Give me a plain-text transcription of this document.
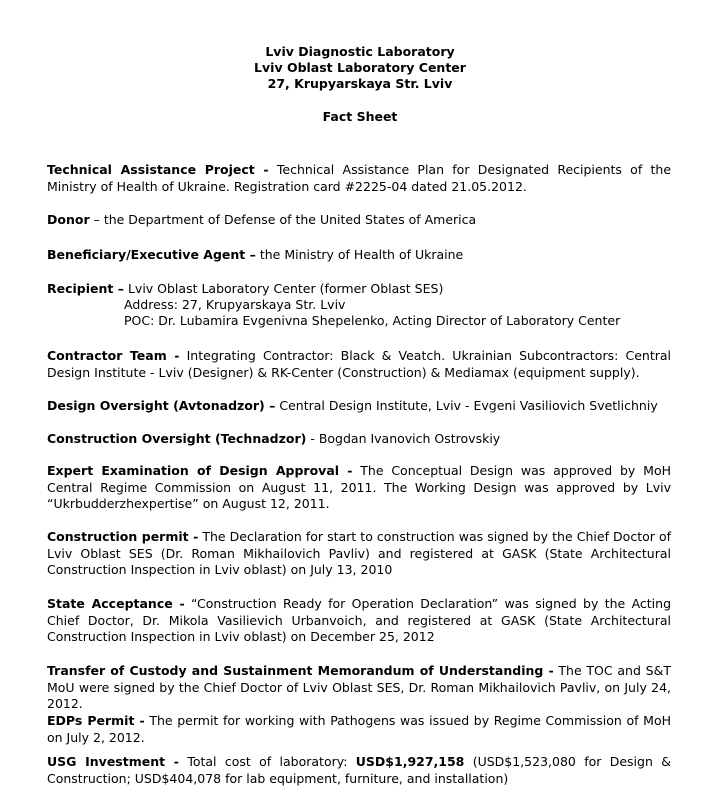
Lviv Diagnostic Laboratory
Lviv Oblast Laboratory Center
27, Krupyarskaya Str. Lviv
Fact Sheet
Technical Assistance Project - Technical Assistance Plan for Designated Recipients of the Ministry of Health of Ukraine. Registration card #2225-04 dated 21.05.2012.
Donor – the Department of Defense of the United States of America
Beneficiary/Executive Agent – the Ministry of Health of Ukraine
Recipient – Lviv Oblast Laboratory Center (former Oblast SES)
Address: 27, Krupyarskaya Str. Lviv
POC: Dr. Lubamira Evgenivna Shepelenko, Acting Director of Laboratory Center
Contractor Team - Integrating Contractor: Black & Veatch. Ukrainian Subcontractors: Central Design Institute - Lviv (Designer) & RK-Center (Construction) & Mediamax (equipment supply).
Design Oversight (Avtonadzor) – Central Design Institute, Lviv - Evgeni Vasiliovich Svetlichniy
Construction Oversight (Technadzor) - Bogdan Ivanovich Ostrovskiy
Expert Examination of Design Approval - The Conceptual Design was approved by MoH Central Regime Commission on August 11, 2011. The Working Design was approved by Lviv “Ukrbudderzhexpertise” on August 12, 2011.
Construction permit - The Declaration for start to construction was signed by the Chief Doctor of Lviv Oblast SES (Dr. Roman Mikhailovich Pavliv) and registered at GASK (State Architectural Construction Inspection in Lviv oblast) on July 13, 2010
State Acceptance - “Construction Ready for Operation Declaration” was signed by the Acting Chief Doctor, Dr. Mikola Vasilievich Urbanvoich, and registered at GASK (State Architectural Construction Inspection in Lviv oblast) on December 25, 2012
Transfer of Custody and Sustainment Memorandum of Understanding - The TOC and S&T MoU were signed by the Chief Doctor of Lviv Oblast SES, Dr. Roman Mikhailovich Pavliv, on July 24, 2012.
EDPs Permit - The permit for working with Pathogens was issued by Regime Commission of MoH on July 2, 2012.
USG Investment - Total cost of laboratory: USD$1,927,158 (USD$1,523,080 for Design & Construction; USD$404,078 for lab equipment, furniture, and installation)
